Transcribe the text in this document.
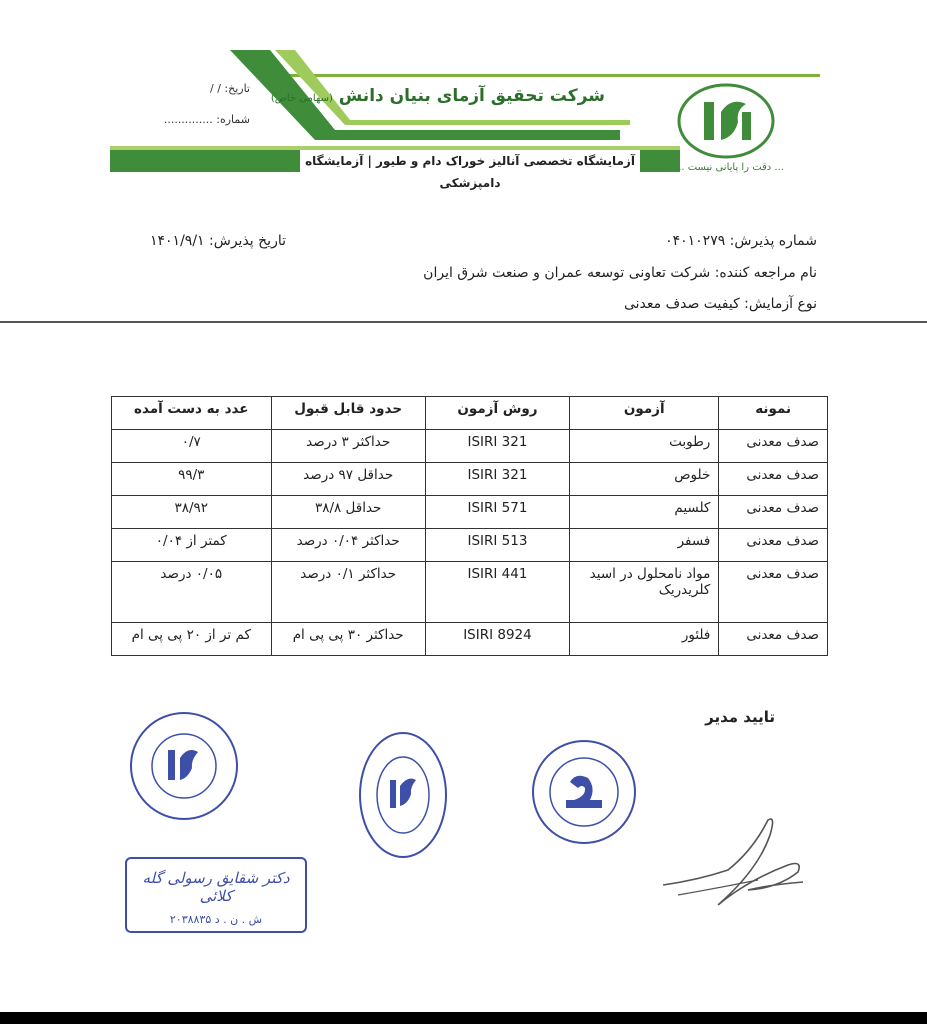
آزمایشگاه تخصصی آنالیز خوراک دام و طیور | آزمایشگاه دامپزشکی
شرکت تحقیق آزمای بنیان دانش (سهامی خاص)
... دقت را پایانی نیست ...
تاریخ: / /
شماره: ..............
شماره پذیرش: ۰۴۰۱۰۲۷۹
تاریخ پذیرش: ۱۴۰۱/۹/۱
نام مراجعه کننده: شرکت تعاونی توسعه عمران و صنعت شرق ایران
نوع آزمایش: کیفیت صدف معدنی
نمونه	آزمون	روش آزمون	حدود قابل قبول	عدد به دست آمده
صدف معدنی	رطوبت	ISIRI 321	حداکثر ۳ درصد	۰/۷
صدف معدنی	خلوص	ISIRI 321	حداقل ۹۷ درصد	۹۹/۳
صدف معدنی	کلسیم	ISIRI 571	حداقل ۳۸/۸	۳۸/۹۲
صدف معدنی	فسفر	ISIRI 513	حداکثر ۰/۰۴ درصد	کمتر از ۰/۰۴
صدف معدنی	مواد نامحلول در اسید کلریدریک	ISIRI 441	حداکثر ۰/۱ درصد	۰/۰۵ درصد
صدف معدنی	فلئور	ISIRI 8924	حداکثر ۳۰ پی پی ام	کم تر از ۲۰ پی پی ام
تایید مدیر
دکتر شقایق رسولی گله کلائی
ش . ن . د ۲۰۳۸۸۳۵
